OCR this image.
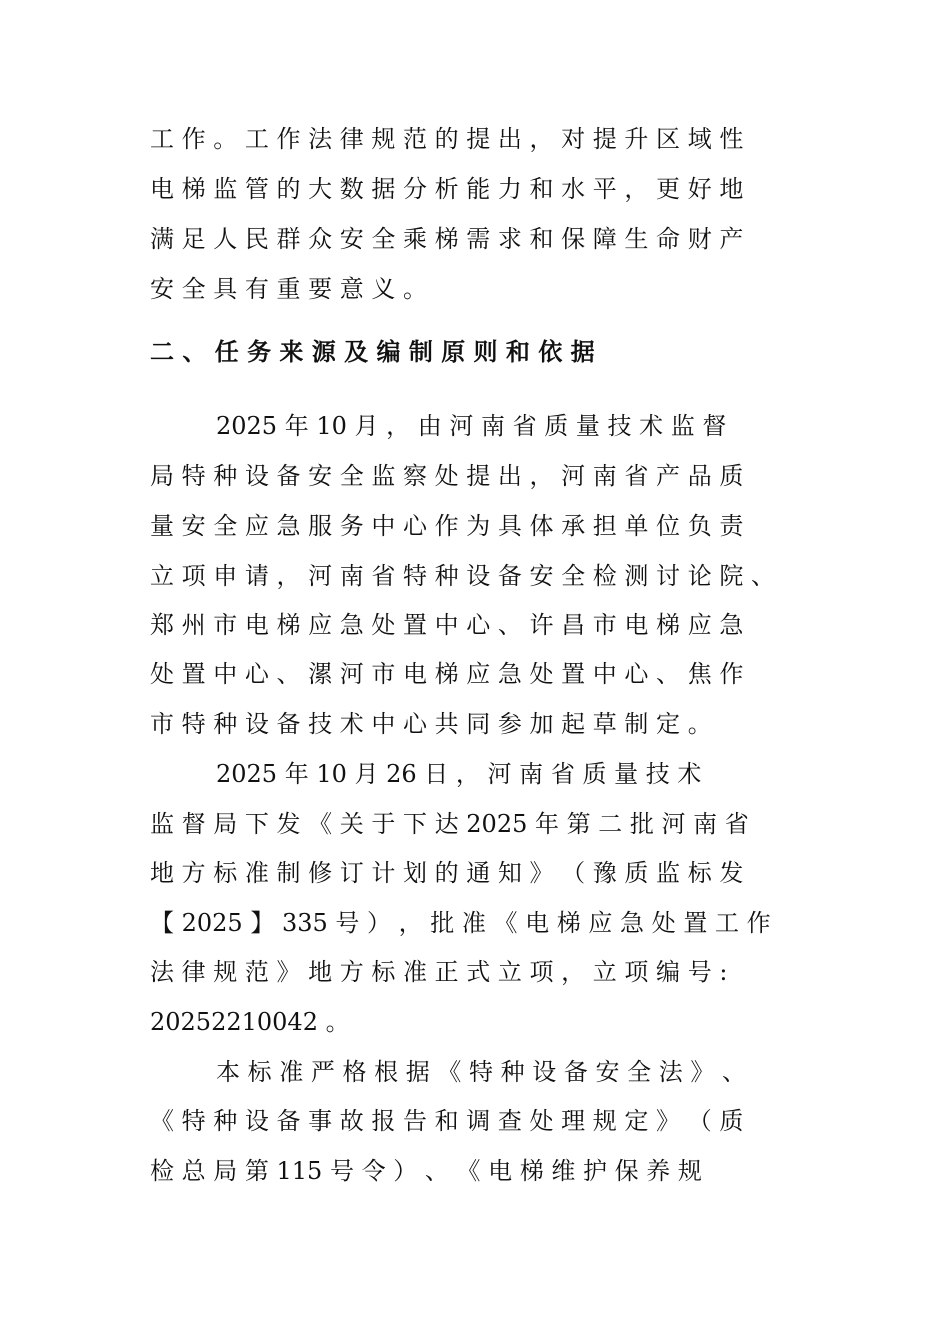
工 作 。 工 作 法 律 规 范 的 提 出 ， 对 提 升 区 域 性
电 梯 监 管 的 大 数 据 分 析 能 力 和 水 平 ， 更 好 地
满 足 人 民 群 众 安 全 乘 梯 需 求 和 保 障 生 命 财 产
安 全 具 有 重 要 意 义 。
二 、 任 务 来 源 及 编 制 原 则 和 依 据
2025 年 10 月 ， 由 河 南 省 质 量 技 术 监 督
局 特 种 设 备 安 全 监 察 处 提 出 ， 河 南 省 产 品 质
量 安 全 应 急 服 务 中 心 作 为 具 体 承 担 单 位 负 责
立 项 申 请 ， 河 南 省 特 种 设 备 安 全 检 测 讨 论 院 、
郑 州 市 电 梯 应 急 处 置 中 心 、 许 昌 市 电 梯 应 急
处 置 中 心 、 漯 河 市 电 梯 应 急 处 置 中 心 、 焦 作
市 特 种 设 备 技 术 中 心 共 同 参 加 起 草 制 定 。
2025 年 10 月 26 日 ， 河 南 省 质 量 技 术
监 督 局 下 发 《 关 于 下 达 2025 年 第 二 批 河 南 省
地 方 标 准 制 修 订 计 划 的 通 知 》 （ 豫 质 监 标 发
【 2025 】 335 号 ） ， 批 准 《 电 梯 应 急 处 置 工 作
法 律 规 范 》 地 方 标 准 正 式 立 项 ， 立 项 编 号 :
20252210042 。
本 标 准 严 格 根 据 《 特 种 设 备 安 全 法 》 、
《 特 种 设 备 事 故 报 告 和 调 查 处 理 规 定 》 （ 质
检 总 局 第 115 号 令 ） 、 《 电 梯 维 护 保 养 规
